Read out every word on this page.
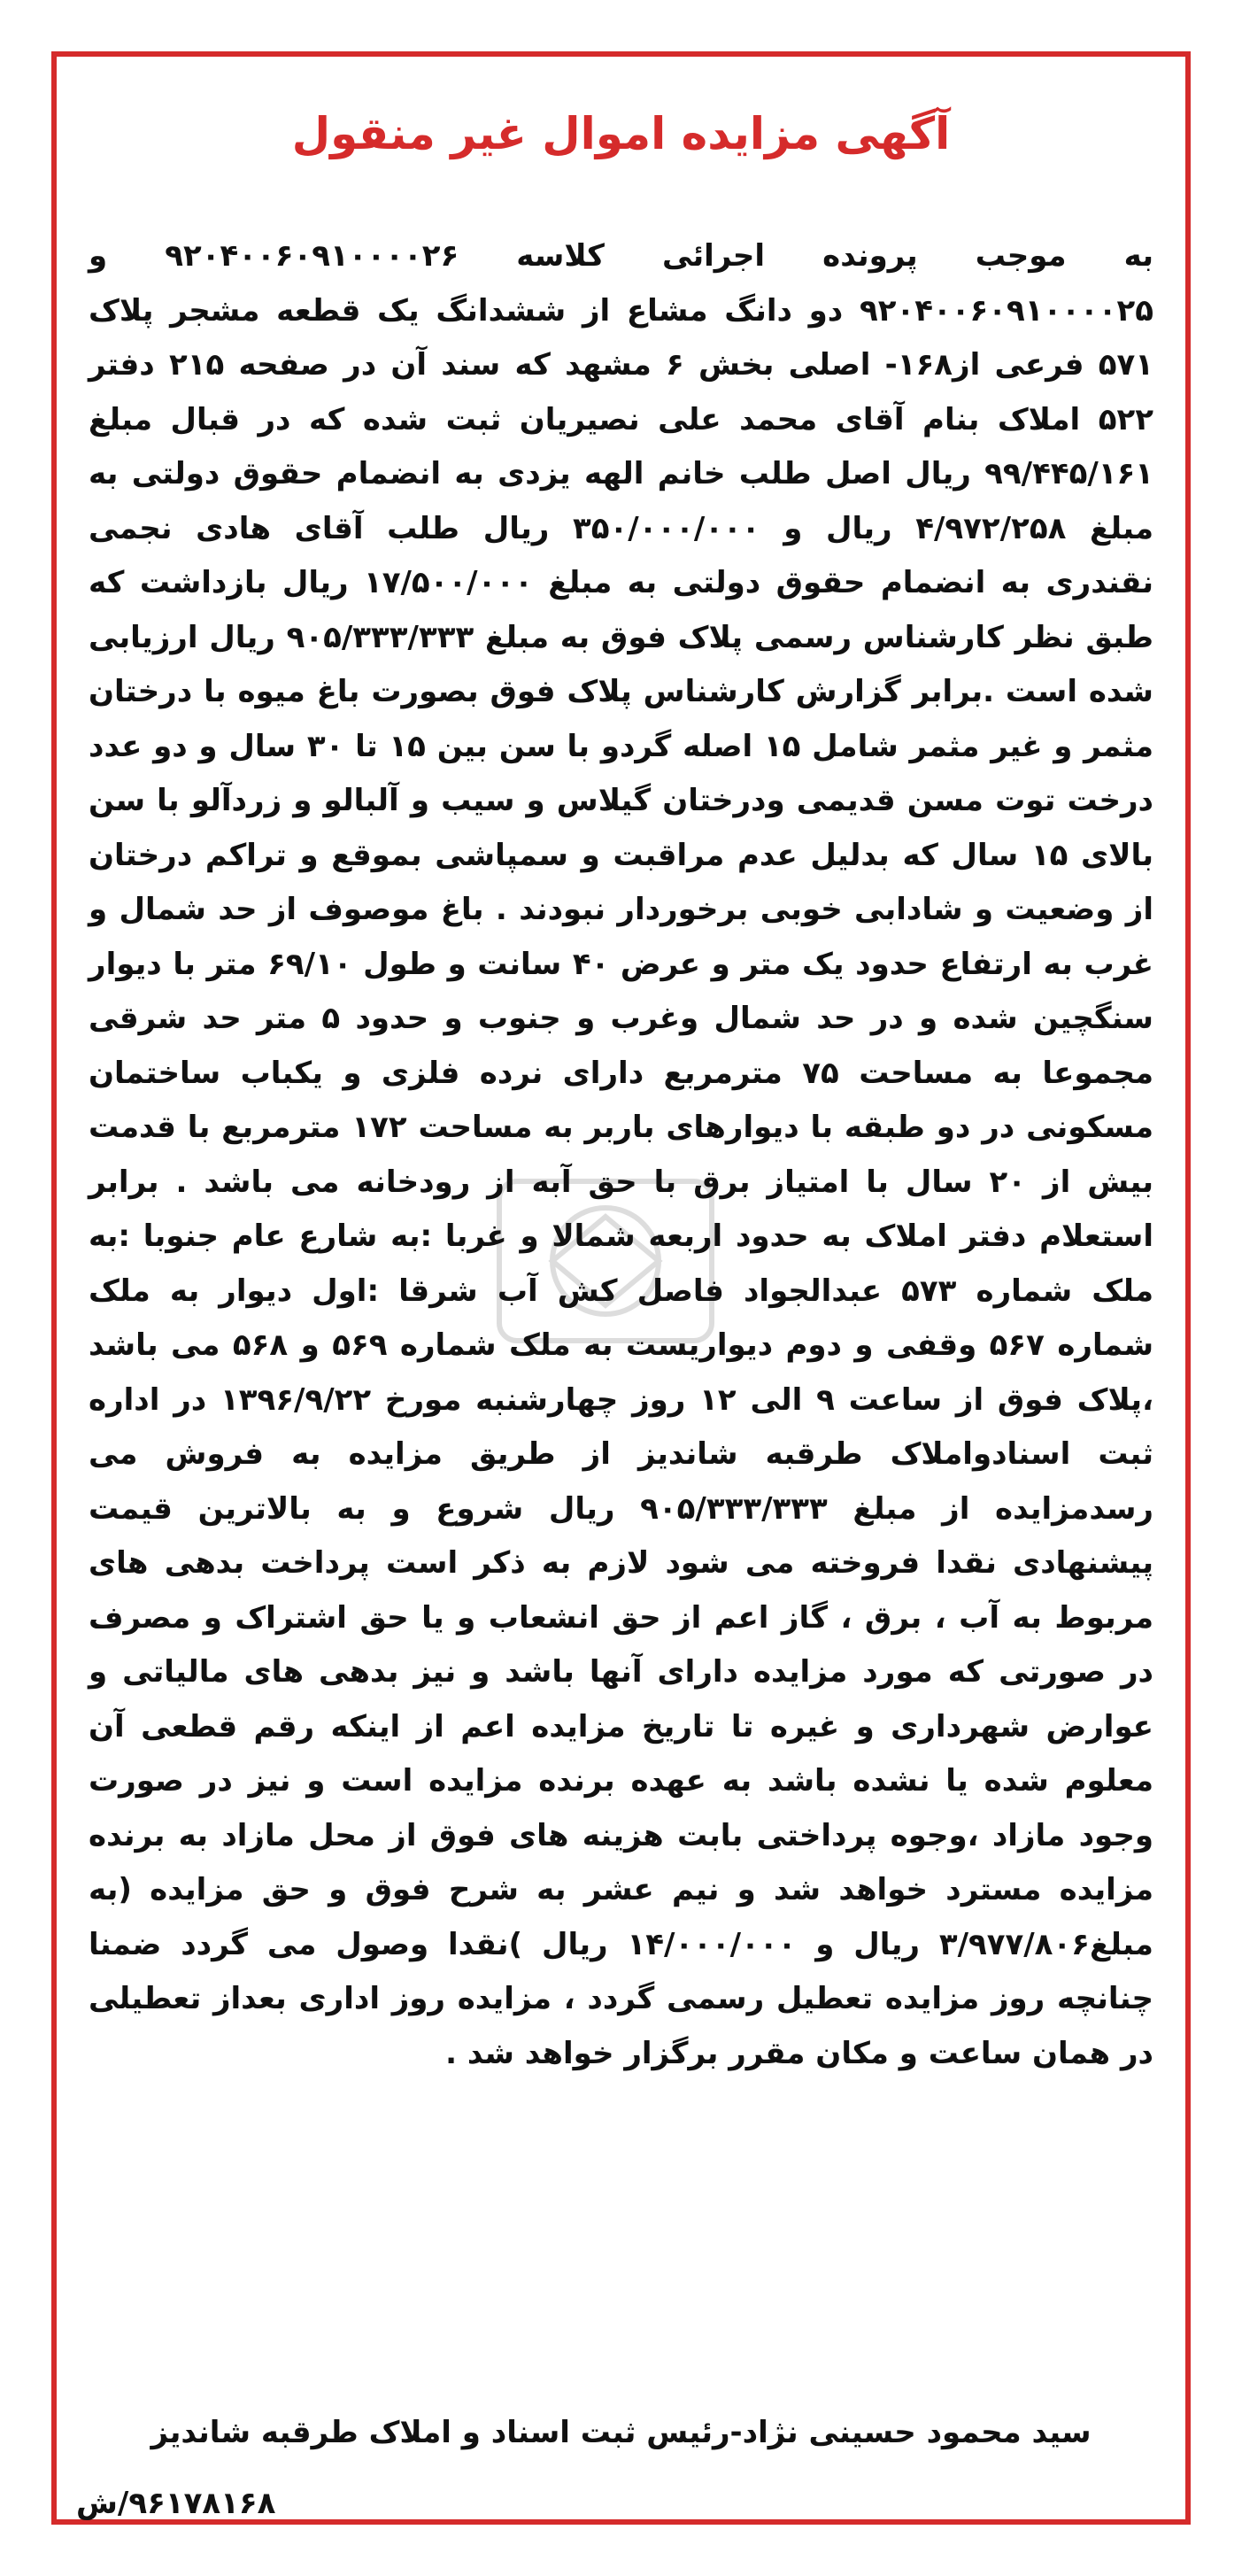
آگهی مزایده اموال غیر منقول

به موجب پرونده اجرائی کلاسه ۹۲۰۴۰۰۶۰۹۱۰۰۰۰۲۶ و ۹۲۰۴۰۰۶۰۹۱۰۰۰۰۲۵ دو دانگ مشاع از ششدانگ یک قطعه مشجر پلاک ۵۷۱ فرعی از۱۶۸- اصلی بخش ۶ مشهد که سند آن در صفحه ۲۱۵ دفتر ۵۲۲ املاک بنام آقای محمد علی نصیریان ثبت شده که در قبال مبلغ ۹۹/۴۴۵/۱۶۱ ریال اصل طلب خانم الهه یزدی به انضمام حقوق دولتی به مبلغ ۴/۹۷۲/۲۵۸ ریال و ۳۵۰/۰۰۰/۰۰۰ ریال طلب آقای هادی نجمی نقندری به انضمام حقوق دولتی به مبلغ ۱۷/۵۰۰/۰۰۰ ریال بازداشت که طبق نظر کارشناس رسمی پلاک فوق به مبلغ ۹۰۵/۳۳۳/۳۳۳ ریال ارزیابی شده است .برابر گزارش کارشناس پلاک فوق بصورت باغ میوه با درختان مثمر و غیر مثمر شامل ۱۵ اصله گردو با سن بین ۱۵ تا ۳۰ سال و دو عدد درخت توت مسن قدیمی ودرختان گیلاس و سیب و آلبالو و زردآلو با سن بالای ۱۵ سال که بدلیل عدم مراقبت و سمپاشی بموقع و تراکم درختان از وضعیت و شادابی خوبی برخوردار نبودند . باغ موصوف از حد شمال و غرب به ارتفاع حدود یک متر و عرض ۴۰ سانت و طول ۶۹/۱۰ متر با دیوار سنگچین شده و در حد شمال وغرب و جنوب و حدود ۵ متر حد شرقی مجموعا به مساحت ۷۵ مترمربع دارای نرده فلزی و یکباب ساختمان مسکونی در دو طبقه با دیوارهای باربر به مساحت ۱۷۲ مترمربع با قدمت بیش از ۲۰ سال با امتیاز برق با حق آبه از رودخانه می باشد . برابر استعلام دفتر املاک به حدود اربعه شمالا و غربا :به شارع عام جنوبا :به ملک شماره ۵۷۳ عبدالجواد فاصل کش آب شرقا :اول دیوار به ملک شماره ۵۶۷ وقفی و دوم دیواریست به ملک شماره ۵۶۹ و ۵۶۸ می باشد ،پلاک فوق از ساعت ۹ الی ۱۲ روز چهارشنبه مورخ ۱۳۹۶/۹/۲۲ در اداره ثبت اسنادواملاک طرقبه شاندیز از طریق مزایده به فروش می رسدمزایده از مبلغ ۹۰۵/۳۳۳/۳۳۳ ریال شروع و به بالاترین قیمت پیشنهادی نقدا فروخته می شود لازم به ذکر است پرداخت بدهی های مربوط به آب ، برق ، گاز اعم از حق انشعاب و یا حق اشتراک و مصرف در صورتی که مورد مزایده دارای آنها باشد و نیز بدهی های مالیاتی و عوارض شهرداری و غیره تا تاریخ مزایده اعم از اینکه رقم قطعی آن معلوم شده یا نشده باشد به عهده برنده مزایده است و نیز در صورت وجود مازاد ،وجوه پرداختی بابت هزینه های فوق از محل مازاد به برنده مزایده مسترد خواهد شد و نیم عشر به شرح فوق و حق مزایده (به مبلغ۳/۹۷۷/۸۰۶ ریال و ۱۴/۰۰۰/۰۰۰ ریال )نقدا وصول می گردد ضمنا چنانچه روز مزایده تعطیل رسمی گردد ، مزایده روز اداری بعداز تعطیلی در همان ساعت و مکان مقرر برگزار خواهد شد .

سید محمود حسینی نژاد-رئیس ثبت اسناد و املاک طرقبه شاندیز

۹۶۱۷۸۱۶۸/ش
